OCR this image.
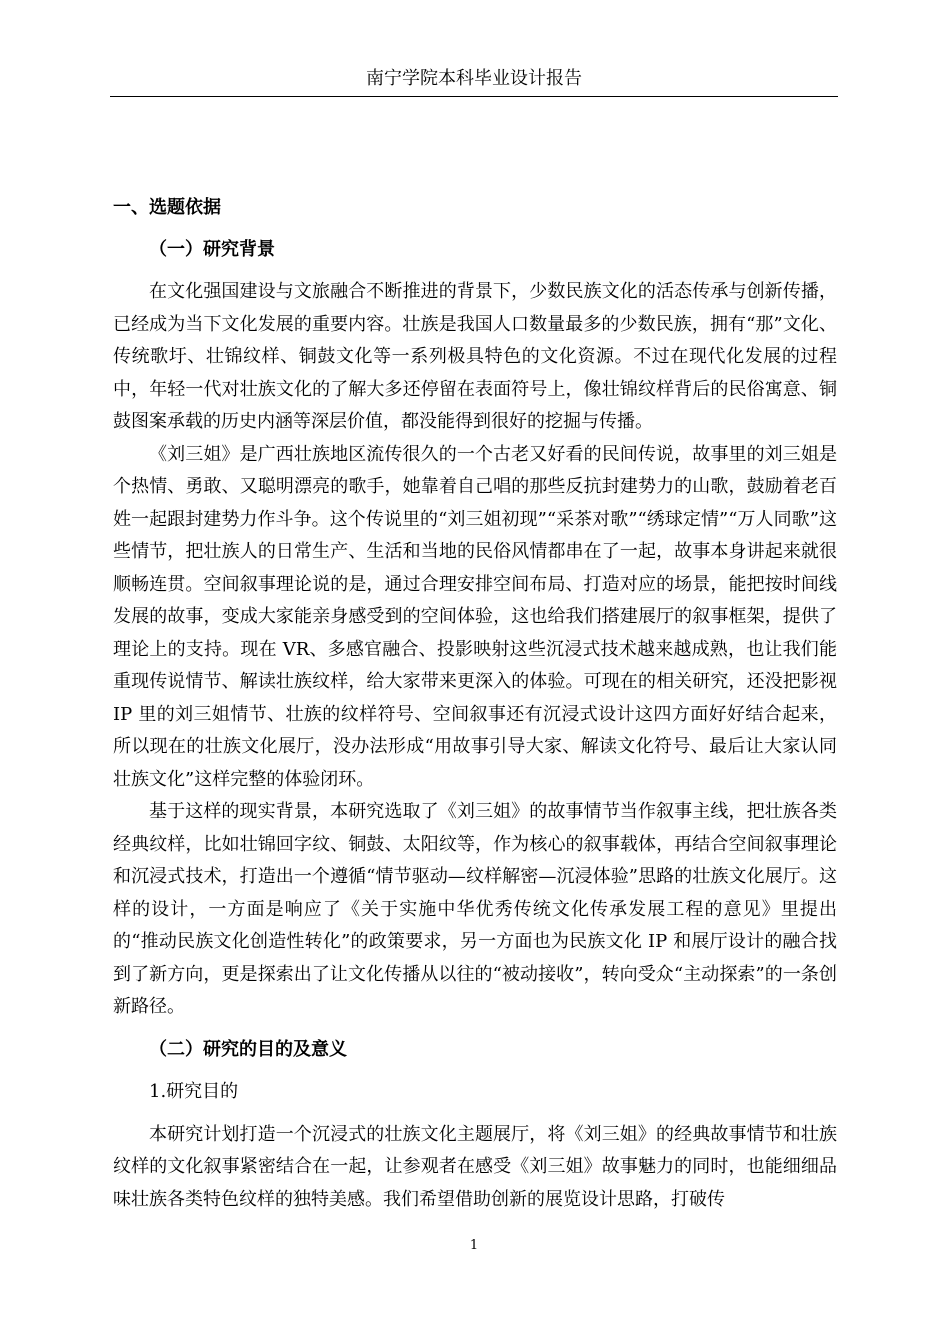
南宁学院本科毕业设计报告
一、选题依据
（一）研究背景

在文化强国建设与文旅融合不断推进的背景下，少数民族文化的活态传承与创新传播，已经成为当下文化发展的重要内容。壮族是我国人口数量最多的少数民族，拥有“那”文化、传统歌圩、壮锦纹样、铜鼓文化等一系列极具特色的文化资源。不过在现代化发展的过程中，年轻一代对壮族文化的了解大多还停留在表面符号上，像壮锦纹样背后的民俗寓意、铜鼓图案承载的历史内涵等深层价值，都没能得到很好的挖掘与传播。

《刘三姐》是广西壮族地区流传很久的一个古老又好看的民间传说，故事里的刘三姐是个热情、勇敢、又聪明漂亮的歌手，她靠着自己唱的那些反抗封建势力的山歌，鼓励着老百姓一起跟封建势力作斗争。这个传说里的“刘三姐初现”“采茶对歌”“绣球定情”“万人同歌”这些情节，把壮族人的日常生产、生活和当地的民俗风情都串在了一起，故事本身讲起来就很顺畅连贯。空间叙事理论说的是，通过合理安排空间布局、打造对应的场景，能把按时间线发展的故事，变成大家能亲身感受到的空间体验，这也给我们搭建展厅的叙事框架，提供了理论上的支持。现在 VR、多感官融合、投影映射这些沉浸式技术越来越成熟，也让我们能重现传说情节、解读壮族纹样，给大家带来更深入的体验。可现在的相关研究，还没把影视 IP 里的刘三姐情节、壮族的纹样符号、空间叙事还有沉浸式设计这四方面好好结合起来，所以现在的壮族文化展厅，没办法形成“用故事引导大家、解读文化符号、最后让大家认同壮族文化”这样完整的体验闭环。

基于这样的现实背景，本研究选取了《刘三姐》的故事情节当作叙事主线，把壮族各类经典纹样，比如壮锦回字纹、铜鼓、太阳纹等，作为核心的叙事载体，再结合空间叙事理论和沉浸式技术，打造出一个遵循“情节驱动—纹样解密—沉浸体验”思路的壮族文化展厅。这样的设计，一方面是响应了《关于实施中华优秀传统文化传承发展工程的意见》里提出的“推动民族文化创造性转化”的政策要求，另一方面也为民族文化 IP 和展厅设计的融合找到了新方向，更是探索出了让文化传播从以往的“被动接收”，转向受众“主动探索”的一条创新路径。

（二）研究的目的及意义
1.研究目的

本研究计划打造一个沉浸式的壮族文化主题展厅，将《刘三姐》的经典故事情节和壮族纹样的文化叙事紧密结合在一起，让参观者在感受《刘三姐》故事魅力的同时，也能细细品味壮族各类特色纹样的独特美感。我们希望借助创新的展览设计思路，打破传

1
